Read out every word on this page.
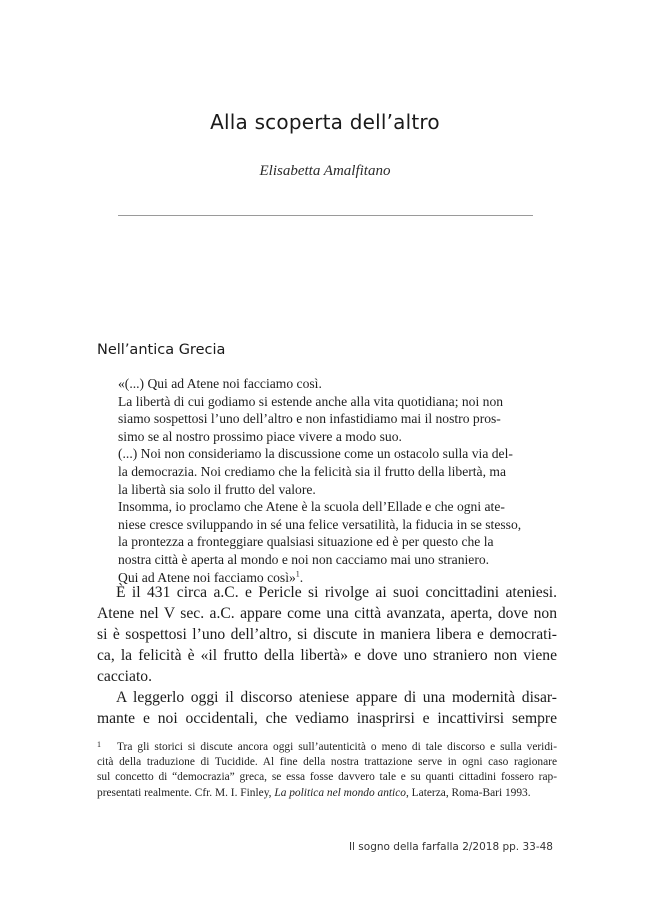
Alla scoperta dell’altro
Elisabetta Amalfitano
Nell’antica Grecia
«(...) Qui ad Atene noi facciamo così.
La libertà di cui godiamo si estende anche alla vita quotidiana; noi non
siamo sospettosi l’uno dell’altro e non infastidiamo mai il nostro pros-
simo se al nostro prossimo piace vivere a modo suo.
(...) Noi non consideriamo la discussione come un ostacolo sulla via del-
la democrazia. Noi crediamo che la felicità sia il frutto della libertà, ma
la libertà sia solo il frutto del valore.
Insomma, io proclamo che Atene è la scuola dell’Ellade e che ogni ate-
niese cresce sviluppando in sé una felice versatilità, la fiducia in se stesso,
la prontezza a fronteggiare qualsiasi situazione ed è per questo che la
nostra città è aperta al mondo e noi non cacciamo mai uno straniero.
Qui ad Atene noi facciamo così»$^1$.
È il 431 circa a.C. e Pericle si rivolge ai suoi concittadini ateniesi.
Atene nel V sec. a.C. appare come una città avanzata, aperta, dove non
si è sospettosi l’uno dell’altro, si discute in maniera libera e democrati-
ca, la felicità è «il frutto della libertà» e dove uno straniero non viene
cacciato.
A leggerlo oggi il discorso ateniese appare di una modernità disar-
mante e noi occidentali, che vediamo inasprirsi e incattivirsi sempre
1	Tra gli storici si discute ancora oggi sull’autenticità o meno di tale discorso e sulla veridi-
cità della traduzione di Tucidide. Al fine della nostra trattazione serve in ogni caso ragionare
sul concetto di “democrazia” greca, se essa fosse davvero tale e su quanti cittadini fossero rap-
presentati realmente. Cfr. M. I. Finley, La politica nel mondo antico, Laterza, Roma-Bari 1993.
Il sogno della farfalla 2/2018 pp. 33-48
